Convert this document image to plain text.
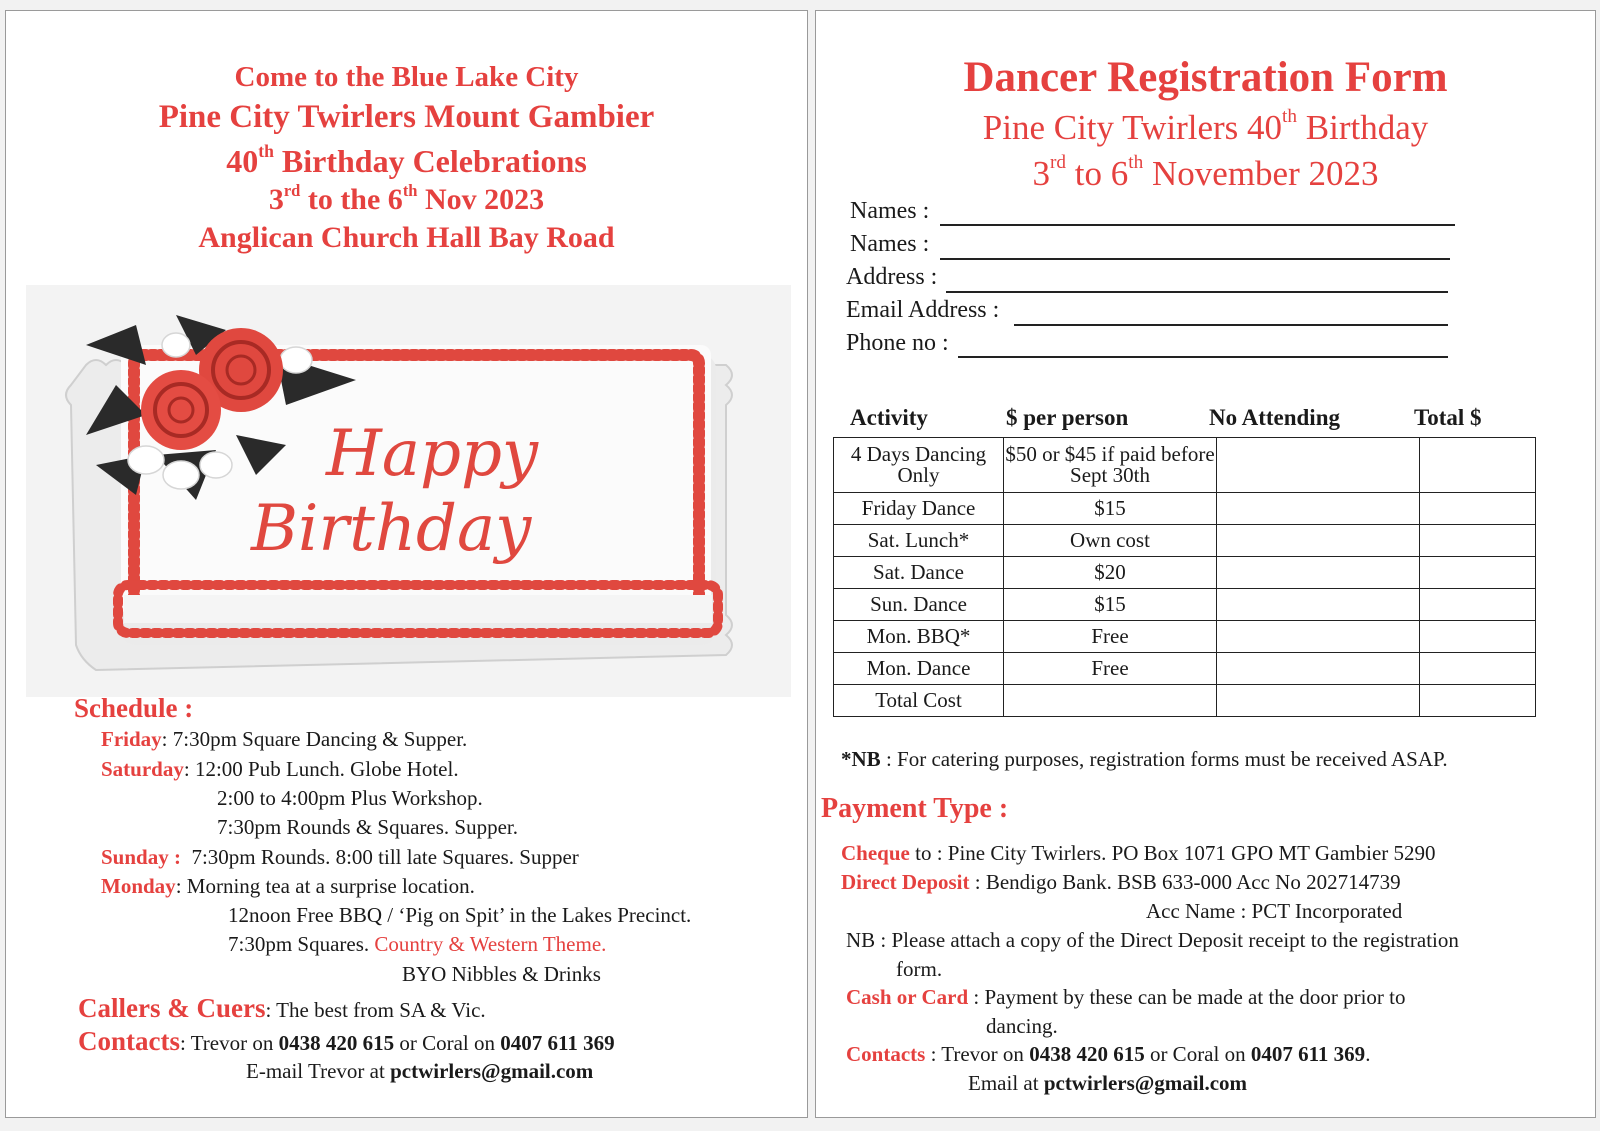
Come to the Blue Lake City
Pine City Twirlers Mount Gambier
40th Birthday Celebrations
3rd to the 6th Nov 2023
Anglican Church Hall Bay Road
Happy
Birthday
Schedule :
Friday: 7:30pm Square Dancing & Supper.
Saturday: 12:00 Pub Lunch. Globe Hotel.
2:00 to 4:00pm Plus Workshop.
7:30pm Rounds & Squares. Supper.
Sunday : 7:30pm Rounds. 8:00 till late Squares. Supper
Monday: Morning tea at a surprise location.
12noon Free BBQ / ‘Pig on Spit’ in the Lakes Precinct.
7:30pm Squares. Country & Western Theme.
BYO Nibbles & Drinks
Callers & Cuers: The best from SA & Vic.
Contacts: Trevor on 0438 420 615 or Coral on 0407 611 369
E-mail Trevor at pctwirlers@gmail.com
Dancer Registration Form
Pine City Twirlers 40th Birthday
3rd to 6th November 2023
Names :
Names :
Address :
Email Address :
Phone no :
Activity	$ per person	No Attending	Total $
4 Days Dancing Only	$50 or $45 if paid before Sept 30th		
Friday Dance	$15		
Sat. Lunch*	Own cost		
Sat. Dance	$20		
Sun. Dance	$15		
Mon. BBQ*	Free		
Mon. Dance	Free		
Total Cost			
*NB : For catering purposes, registration forms must be received ASAP.
Payment Type :
Cheque to : Pine City Twirlers. PO Box 1071 GPO MT Gambier 5290
Direct Deposit : Bendigo Bank. BSB 633-000 Acc No 202714739
Acc Name : PCT Incorporated
NB : Please attach a copy of the Direct Deposit receipt to the registration
form.
Cash or Card : Payment by these can be made at the door prior to
dancing.
Contacts : Trevor on 0438 420 615 or Coral on 0407 611 369.
Email at pctwirlers@gmail.com
